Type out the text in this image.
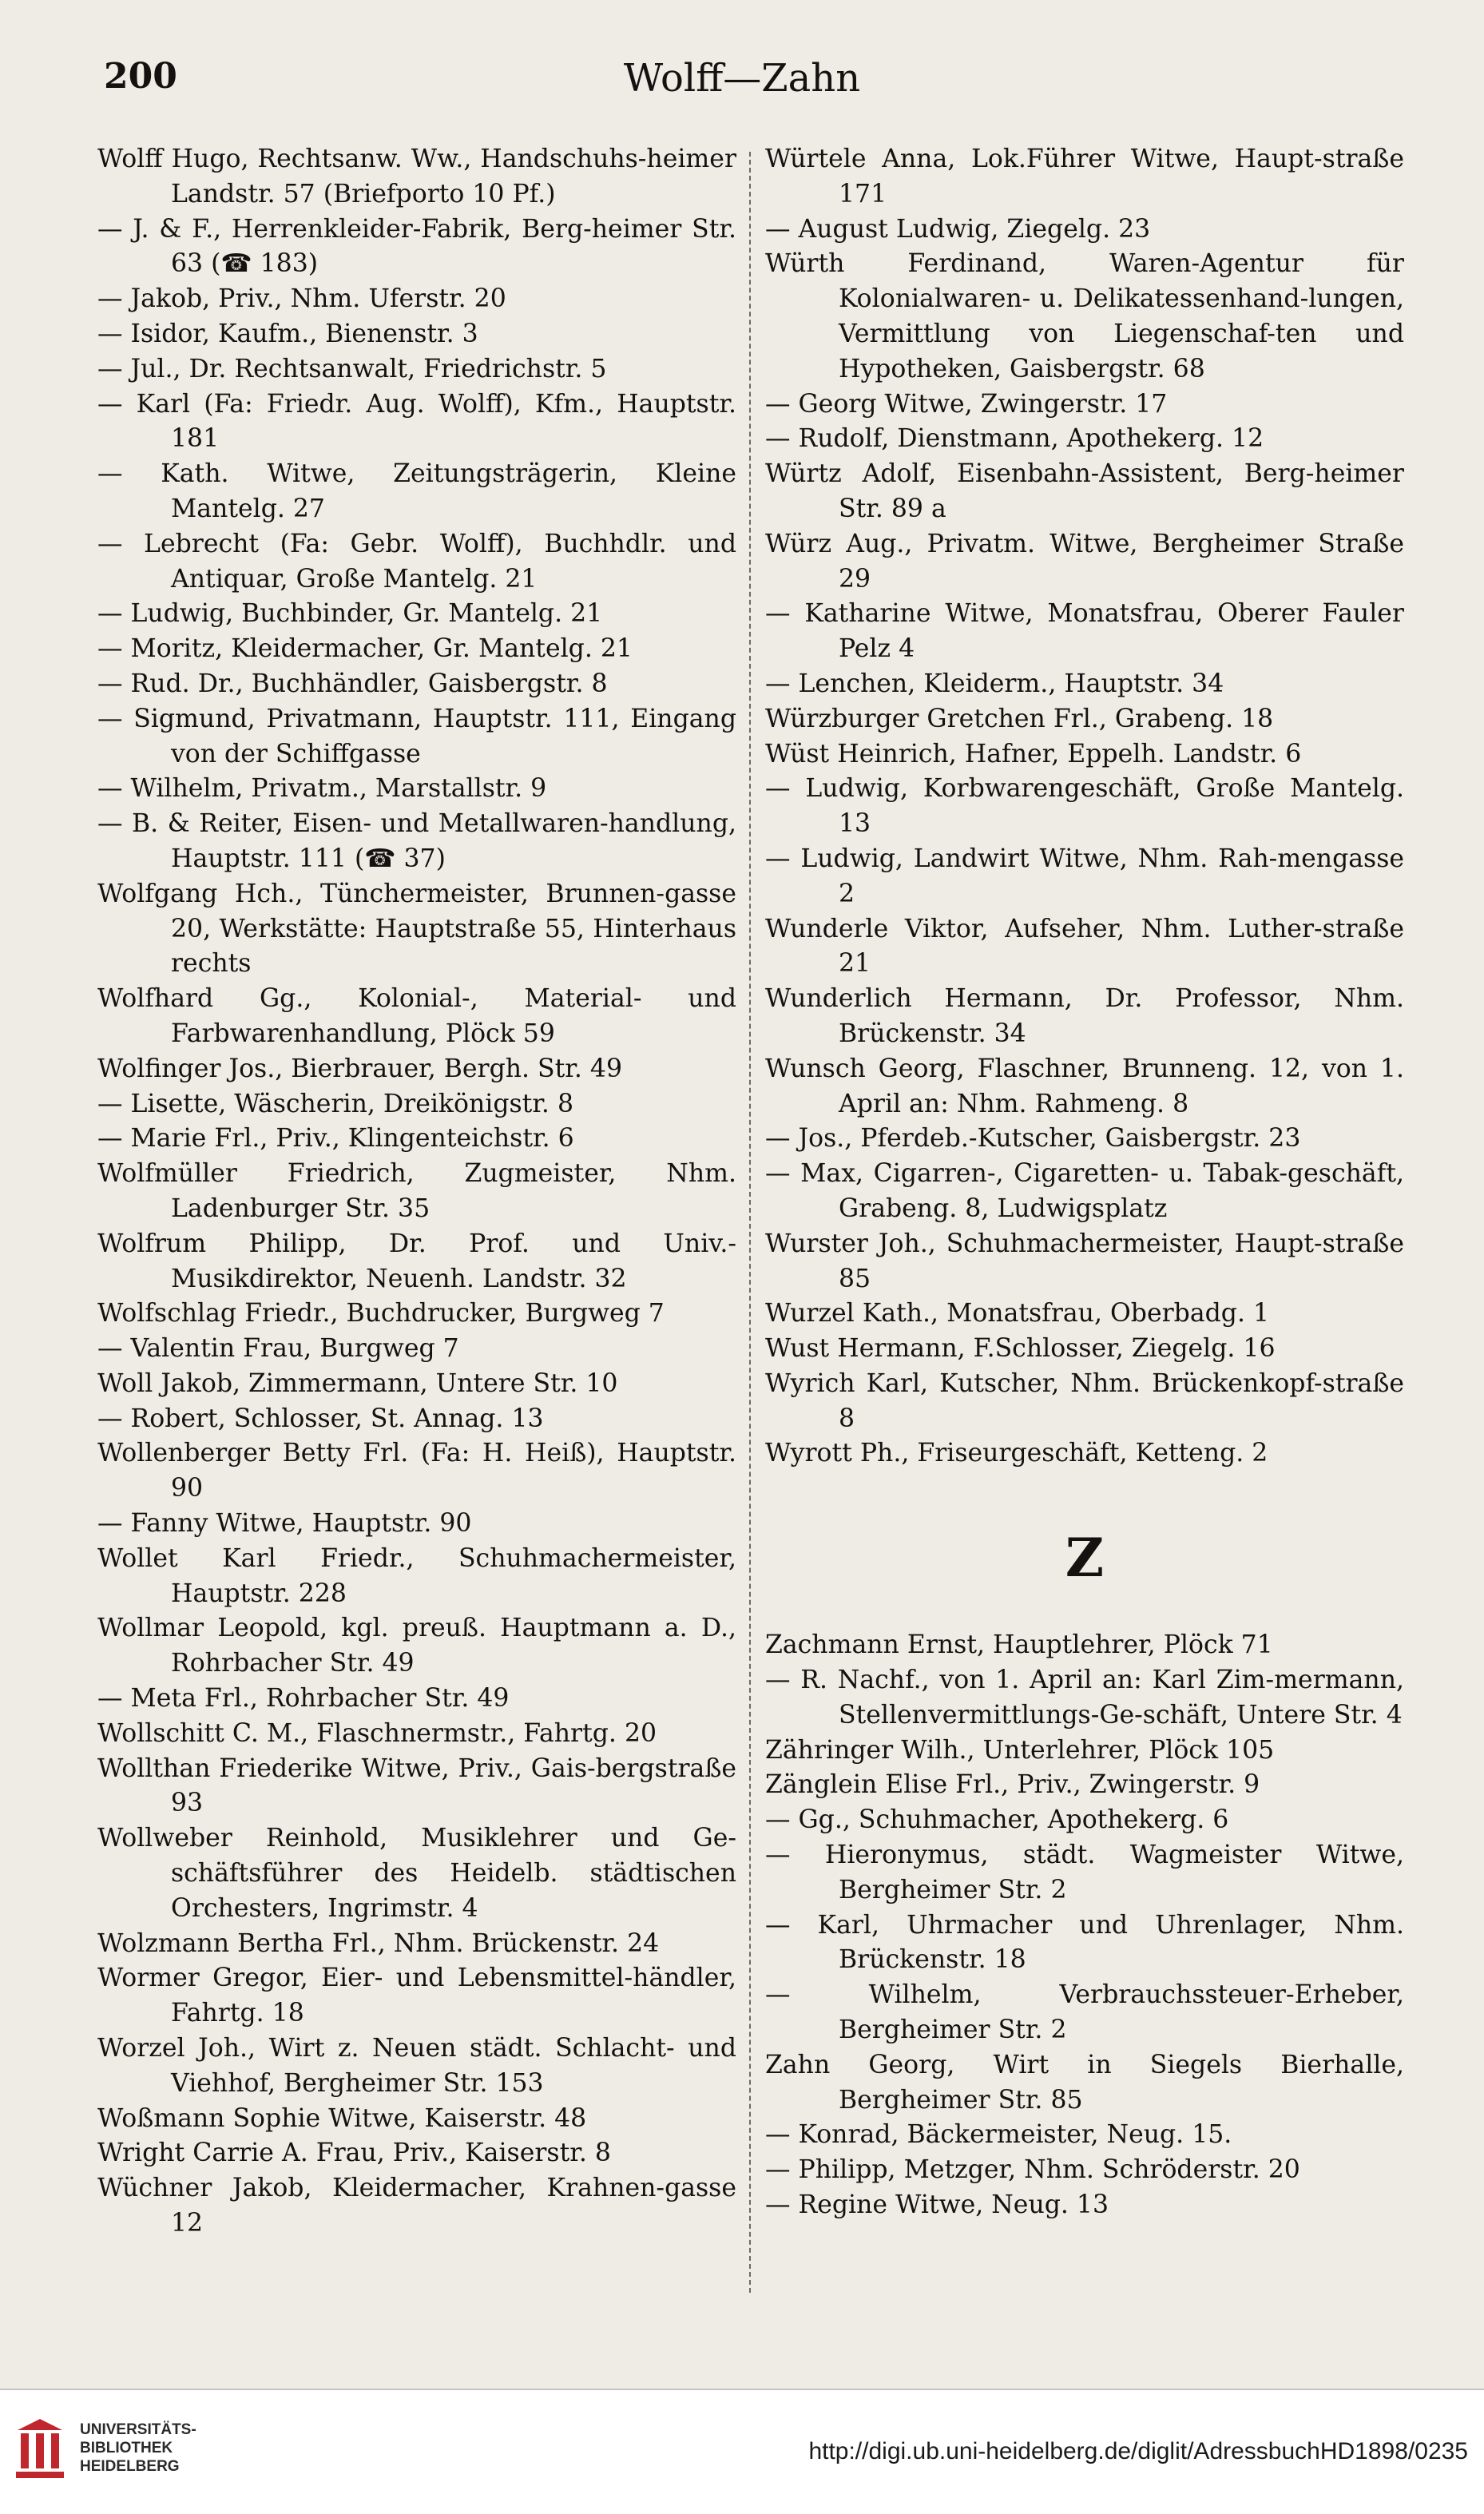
200	Wolff—Zahn
Wolff Hugo, Rechtsanw. Ww., Handschuhs-heimer Landstr. 57 (Briefporto 10 Pf.)
— J. & F., Herrenkleider-Fabrik, Berg-heimer Str. 63 (☎ 183)
— Jakob, Priv., Nhm. Uferstr. 20
— Isidor, Kaufm., Bienenstr. 3
— Jul., Dr. Rechtsanwalt, Friedrichstr. 5
— Karl (Fa: Friedr. Aug. Wolff), Kfm., Hauptstr. 181
— Kath. Witwe, Zeitungsträgerin, Kleine Mantelg. 27
— Lebrecht (Fa: Gebr. Wolff), Buchhdlr. und Antiquar, Große Mantelg. 21
— Ludwig, Buchbinder, Gr. Mantelg. 21
— Moritz, Kleidermacher, Gr. Mantelg. 21
— Rud. Dr., Buchhändler, Gaisbergstr. 8
— Sigmund, Privatmann, Hauptstr. 111, Eingang von der Schiffgasse
— Wilhelm, Privatm., Marstallstr. 9
— B. & Reiter, Eisen- und Metallwaren-handlung, Hauptstr. 111 (☎ 37)
Wolfgang Hch., Tünchermeister, Brunnen-gasse 20, Werkstätte: Hauptstraße 55, Hinterhaus rechts
Wolfhard Gg., Kolonial-, Material- und Farbwarenhandlung, Plöck 59
Wolfinger Jos., Bierbrauer, Bergh. Str. 49
— Lisette, Wäscherin, Dreikönigstr. 8
— Marie Frl., Priv., Klingenteichstr. 6
Wolfmüller Friedrich, Zugmeister, Nhm. Ladenburger Str. 35
Wolfrum Philipp, Dr. Prof. und Univ.-Musikdirektor, Neuenh. Landstr. 32
Wolfschlag Friedr., Buchdrucker, Burgweg 7
— Valentin Frau, Burgweg 7
Woll Jakob, Zimmermann, Untere Str. 10
— Robert, Schlosser, St. Annag. 13
Wollenberger Betty Frl. (Fa: H. Heiß), Hauptstr. 90
— Fanny Witwe, Hauptstr. 90
Wollet Karl Friedr., Schuhmachermeister, Hauptstr. 228
Wollmar Leopold, kgl. preuß. Hauptmann a. D., Rohrbacher Str. 49
— Meta Frl., Rohrbacher Str. 49
Wollschitt C. M., Flaschnermstr., Fahrtg. 20
Wollthan Friederike Witwe, Priv., Gais-bergstraße 93
Wollweber Reinhold, Musiklehrer und Ge-schäftsführer des Heidelb. städtischen Orchesters, Ingrimstr. 4
Wolzmann Bertha Frl., Nhm. Brückenstr. 24
Wormer Gregor, Eier- und Lebensmittel-händler, Fahrtg. 18
Worzel Joh., Wirt z. Neuen städt. Schlacht- und Viehhof, Bergheimer Str. 153
Woßmann Sophie Witwe, Kaiserstr. 48
Wright Carrie A. Frau, Priv., Kaiserstr. 8
Wüchner Jakob, Kleidermacher, Krahnen-gasse 12
Würtele Anna, Lok.Führer Witwe, Haupt-straße 171
— August Ludwig, Ziegelg. 23
Würth Ferdinand, Waren-Agentur für Kolonialwaren- u. Delikatessenhand-lungen, Vermittlung von Liegenschaf-ten und Hypotheken, Gaisbergstr. 68
— Georg Witwe, Zwingerstr. 17
— Rudolf, Dienstmann, Apothekerg. 12
Würtz Adolf, Eisenbahn-Assistent, Berg-heimer Str. 89 a
Würz Aug., Privatm. Witwe, Bergheimer Straße 29
— Katharine Witwe, Monatsfrau, Oberer Fauler Pelz 4
— Lenchen, Kleiderm., Hauptstr. 34
Würzburger Gretchen Frl., Grabeng. 18
Wüst Heinrich, Hafner, Eppelh. Landstr. 6
— Ludwig, Korbwarengeschäft, Große Mantelg. 13
— Ludwig, Landwirt Witwe, Nhm. Rah-mengasse 2
Wunderle Viktor, Aufseher, Nhm. Luther-straße 21
Wunderlich Hermann, Dr. Professor, Nhm. Brückenstr. 34
Wunsch Georg, Flaschner, Brunneng. 12, von 1. April an: Nhm. Rahmeng. 8
— Jos., Pferdeb.-Kutscher, Gaisbergstr. 23
— Max, Cigarren-, Cigaretten- u. Tabak-geschäft, Grabeng. 8, Ludwigsplatz
Wurster Joh., Schuhmachermeister, Haupt-straße 85
Wurzel Kath., Monatsfrau, Oberbadg. 1
Wust Hermann, F.Schlosser, Ziegelg. 16
Wyrich Karl, Kutscher, Nhm. Brückenkopf-straße 8
Wyrott Ph., Friseurgeschäft, Ketteng. 2
Z
Zachmann Ernst, Hauptlehrer, Plöck 71
— R. Nachf., von 1. April an: Karl Zim-mermann, Stellenvermittlungs-Ge-schäft, Untere Str. 4
Zähringer Wilh., Unterlehrer, Plöck 105
Zänglein Elise Frl., Priv., Zwingerstr. 9
— Gg., Schuhmacher, Apothekerg. 6
— Hieronymus, städt. Wagmeister Witwe, Bergheimer Str. 2
— Karl, Uhrmacher und Uhrenlager, Nhm. Brückenstr. 18
— Wilhelm, Verbrauchssteuer-Erheber, Bergheimer Str. 2
Zahn Georg, Wirt in Siegels Bierhalle, Bergheimer Str. 85
— Konrad, Bäckermeister, Neug. 15.
— Philipp, Metzger, Nhm. Schröderstr. 20
— Regine Witwe, Neug. 13
UNIVERSITÄTS-
BIBLIOTHEK
HEIDELBERG
http://digi.ub.uni-heidelberg.de/diglit/AdressbuchHD1898/0235
